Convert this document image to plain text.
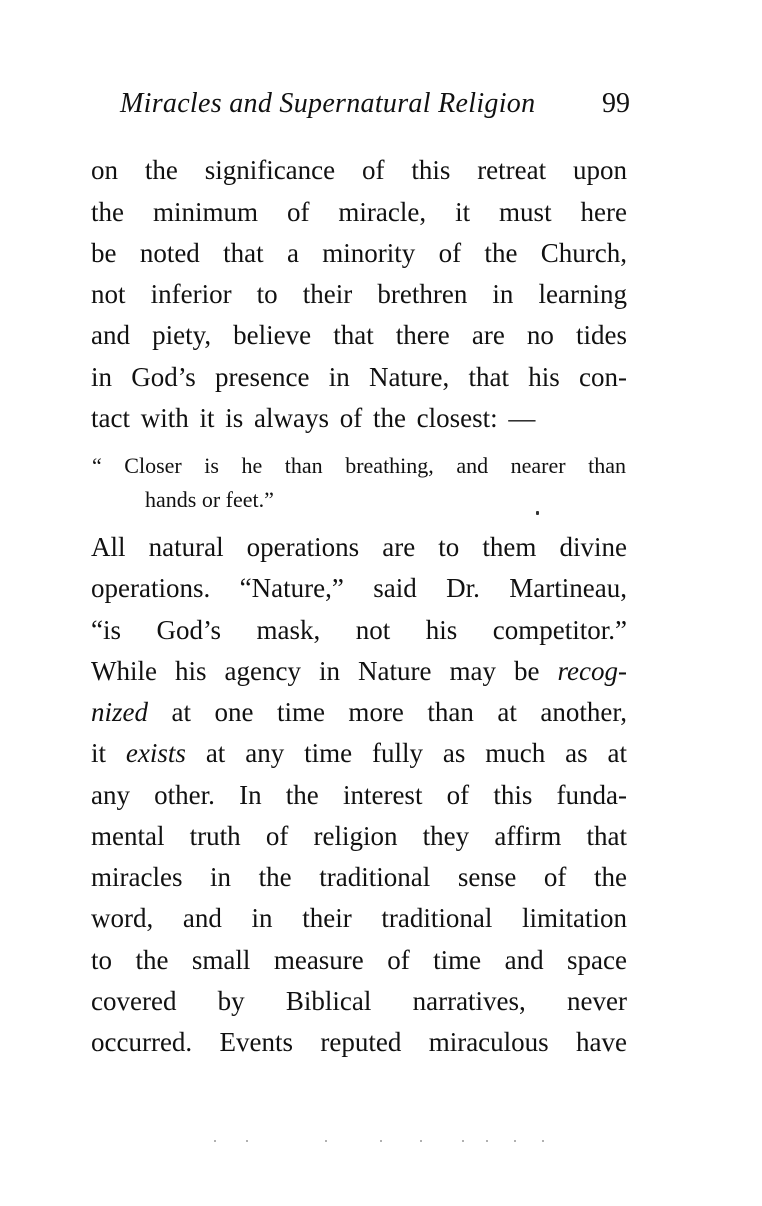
Miracles and Supernatural Religion 99
on the significance of this retreat upon
the minimum of miracle, it must here
be noted that a minority of the Church,
not inferior to their brethren in learning
and piety, believe that there are no tides
in God’s presence in Nature, that his con-
tact with it is always of the closest: —
“ Closer is he than breathing, and nearer than
hands or feet.”
All natural operations are to them divine
operations. “Nature,” said Dr. Martineau,
“is God’s mask, not his competitor.”
While his agency in Nature may be recog-
nized at one time more than at another,
it exists at any time fully as much as at
any other. In the interest of this funda-
mental truth of religion they affirm that
miracles in the traditional sense of the
word, and in their traditional limitation
to the small measure of time and space
covered by Biblical narratives, never
occurred. Events reputed miraculous have
